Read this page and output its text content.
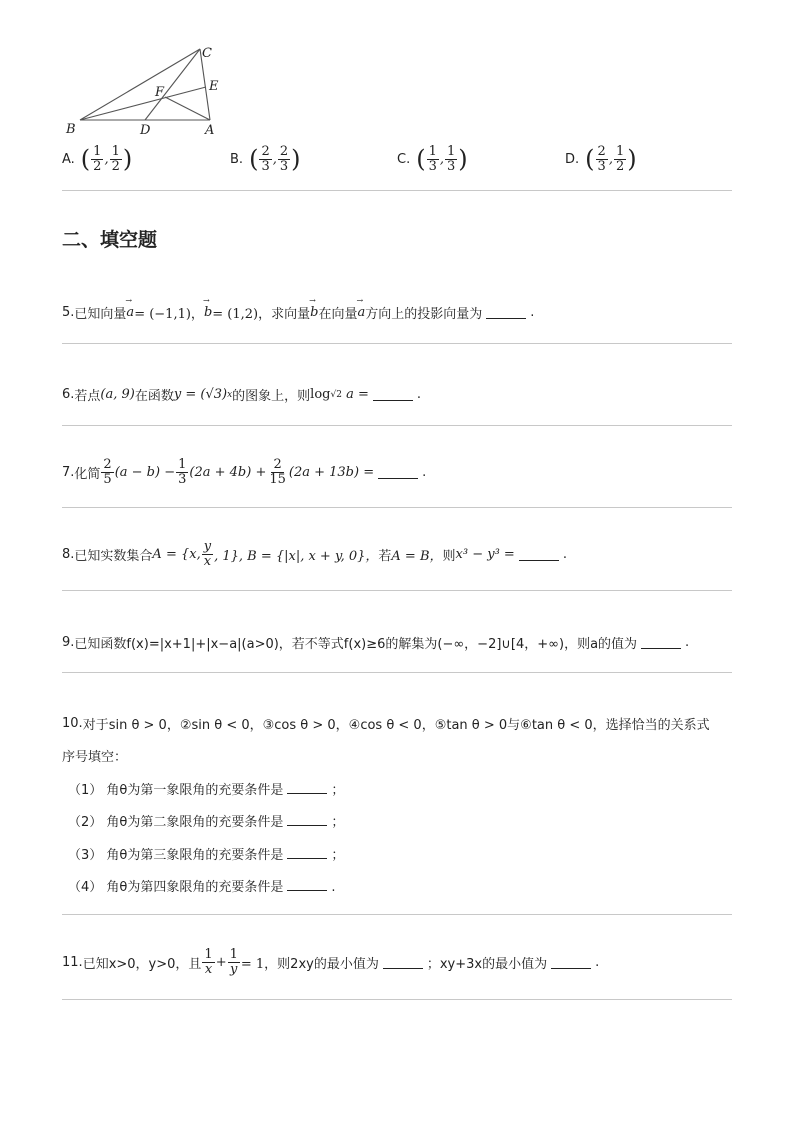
C
E
F
B	D	A
A. ( $\frac{1}{2}$ , $\frac{1}{2}$ )	B. ( $\frac{2}{3}$ , $\frac{2}{3}$ )	C. ( $\frac{1}{3}$ , $\frac{1}{3}$ )	D. ( $\frac{2}{3}$ , $\frac{1}{2}$ )
二、填空题
5. 已知向量 → a = (−1,1)， → b = (1,2)， 求向量 → b 在向量 → a 方向上的投影向量为	.
6. 若点 (a, 9) 在函数 y = (√3) x 的图象上，则 log √2
a =	.
7. 化简 $\frac{2}{5} (a - b) - \frac{1}{3} (2a + 4b) + \frac{2}{15} (2a + 13b)$ =	.
8. 已知实数集合 A = {x, $\frac{y}{x}$ , 1}, B = {|x|, x + y, 0}， 若 A = B， 则 x³ − y³ =	.
9. 已知函数f(x)=|x+1|+|x−a|(a>0)，若不等式f(x)≥6的解集为(−∞，−2]∪[4，+∞)，则a的值为	.
10. 对于sin θ > 0，②sin θ < 0，③cos θ > 0，④cos θ < 0，⑤tan θ > 0与⑥tan θ < 0，选择恰当的关系式
序号填空：
（1） 角θ为第一象限角的充要条件是	；
（2） 角θ为第二象限角的充要条件是	；
（3） 角θ为第三象限角的充要条件是	；
（4） 角θ为第四象限角的充要条件是	.
11. 已知x>0，y>0，且 $\frac{1}{x} + \frac{1}{y} = 1$， 则2xy的最小值为	；xy+3x的最小值为	.
